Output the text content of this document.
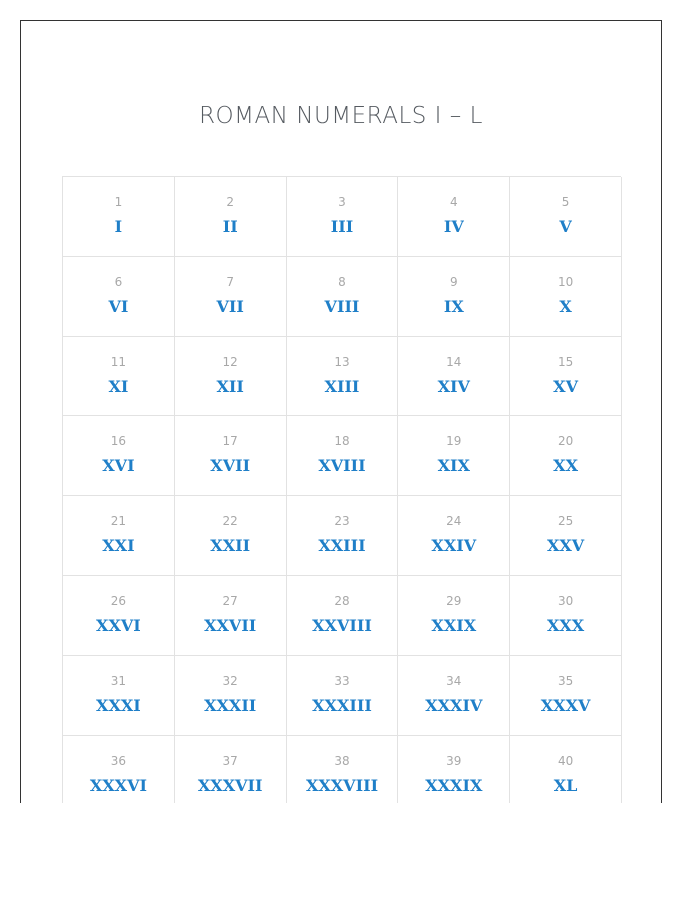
ROMAN NUMERALS I – L
1
I
2
II
3
III
4
IV
5
V
6
VI
7
VII
8
VIII
9
IX
10
X
11
XI
12
XII
13
XIII
14
XIV
15
XV
16
XVI
17
XVII
18
XVIII
19
XIX
20
XX
21
XXI
22
XXII
23
XXIII
24
XXIV
25
XXV
26
XXVI
27
XXVII
28
XXVIII
29
XXIX
30
XXX
31
XXXI
32
XXXII
33
XXXIII
34
XXXIV
35
XXXV
36
XXXVI
37
XXXVII
38
XXXVIII
39
XXXIX
40
XL
